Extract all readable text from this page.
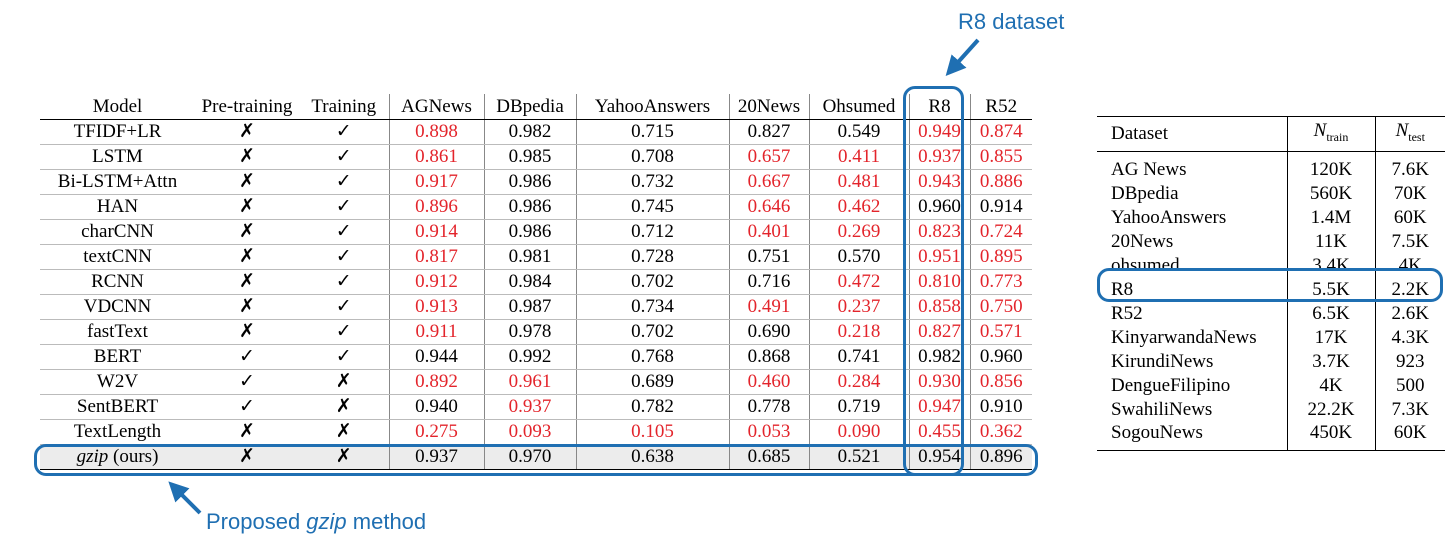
Model	Pre-training	Training	AGNews	DBpedia	YahooAnswers	20News	Ohsumed	R8	R52
TFIDF+LR	✗	✓	0.898	0.982	0.715	0.827	0.549	0.949	0.874
LSTM	✗	✓	0.861	0.985	0.708	0.657	0.411	0.937	0.855
Bi-LSTM+Attn	✗	✓	0.917	0.986	0.732	0.667	0.481	0.943	0.886
HAN	✗	✓	0.896	0.986	0.745	0.646	0.462	0.960	0.914
charCNN	✗	✓	0.914	0.986	0.712	0.401	0.269	0.823	0.724
textCNN	✗	✓	0.817	0.981	0.728	0.751	0.570	0.951	0.895
RCNN	✗	✓	0.912	0.984	0.702	0.716	0.472	0.810	0.773
VDCNN	✗	✓	0.913	0.987	0.734	0.491	0.237	0.858	0.750
fastText	✗	✓	0.911	0.978	0.702	0.690	0.218	0.827	0.571
BERT	✓	✓	0.944	0.992	0.768	0.868	0.741	0.982	0.960
W2V	✓	✗	0.892	0.961	0.689	0.460	0.284	0.930	0.856
SentBERT	✓	✗	0.940	0.937	0.782	0.778	0.719	0.947	0.910
TextLength	✗	✗	0.275	0.093	0.105	0.053	0.090	0.455	0.362
gzip (ours)	✗	✗	0.937	0.970	0.638	0.685	0.521	0.954	0.896
Dataset	$N_{train}$	$N_{test}$
AG News	120K	7.6K
DBpedia	560K	70K
YahooAnswers	1.4M	60K
20News	11K	7.5K
ohsumed	3.4K	4K
R8	5.5K	2.2K
R52	6.5K	2.6K
KinyarwandaNews	17K	4.3K
KirundiNews	3.7K	923
DengueFilipino	4K	500
SwahiliNews	22.2K	7.3K
SogouNews	450K	60K
R8 dataset
Proposed gzip method
